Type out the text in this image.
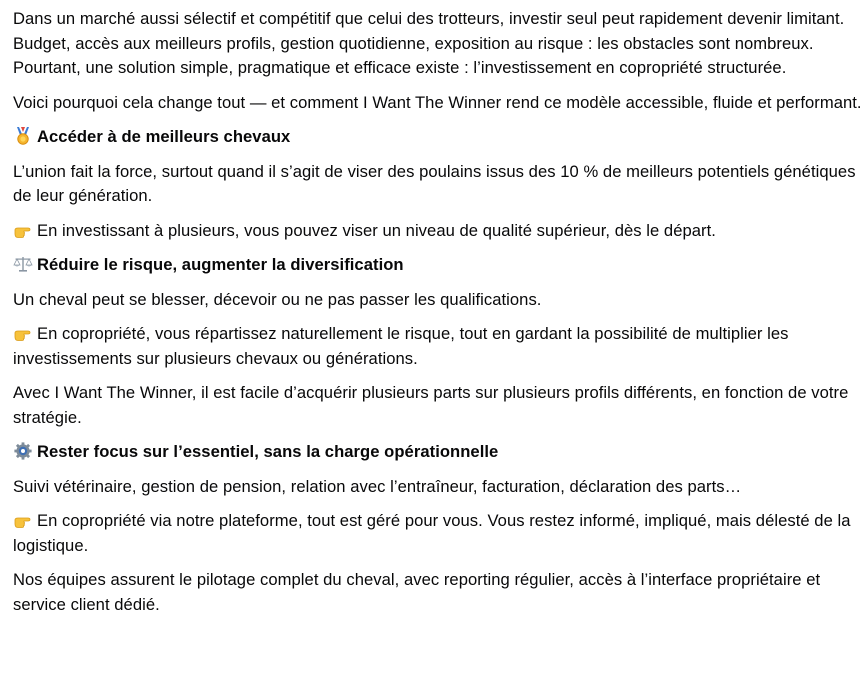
Dans un marché aussi sélectif et compétitif que celui des trotteurs, investir seul peut rapidement devenir limitant. Budget, accès aux meilleurs profils, gestion quotidienne, exposition au risque : les obstacles sont nombreux. Pourtant, une solution simple, pragmatique et efficace existe : l’investissement en copropriété structurée.

Voici pourquoi cela change tout — et comment I Want The Winner rend ce modèle accessible, fluide et performant.

Accéder à de meilleurs chevaux

L’union fait la force, surtout quand il s’agit de viser des poulains issus des 10 % de meilleurs potentiels génétiques de leur génération.

En investissant à plusieurs, vous pouvez viser un niveau de qualité supérieur, dès le départ.

Réduire le risque, augmenter la diversification

Un cheval peut se blesser, décevoir ou ne pas passer les qualifications.

En copropriété, vous répartissez naturellement le risque, tout en gardant la possibilité de multiplier les investissements sur plusieurs chevaux ou générations.

Avec I Want The Winner, il est facile d’acquérir plusieurs parts sur plusieurs profils différents, en fonction de votre stratégie.

Rester focus sur l’essentiel, sans la charge opérationnelle

Suivi vétérinaire, gestion de pension, relation avec l’entraîneur, facturation, déclaration des parts…

En copropriété via notre plateforme, tout est géré pour vous. Vous restez informé, impliqué, mais délesté de la logistique.

Nos équipes assurent le pilotage complet du cheval, avec reporting régulier, accès à l’interface propriétaire et service client dédié.
